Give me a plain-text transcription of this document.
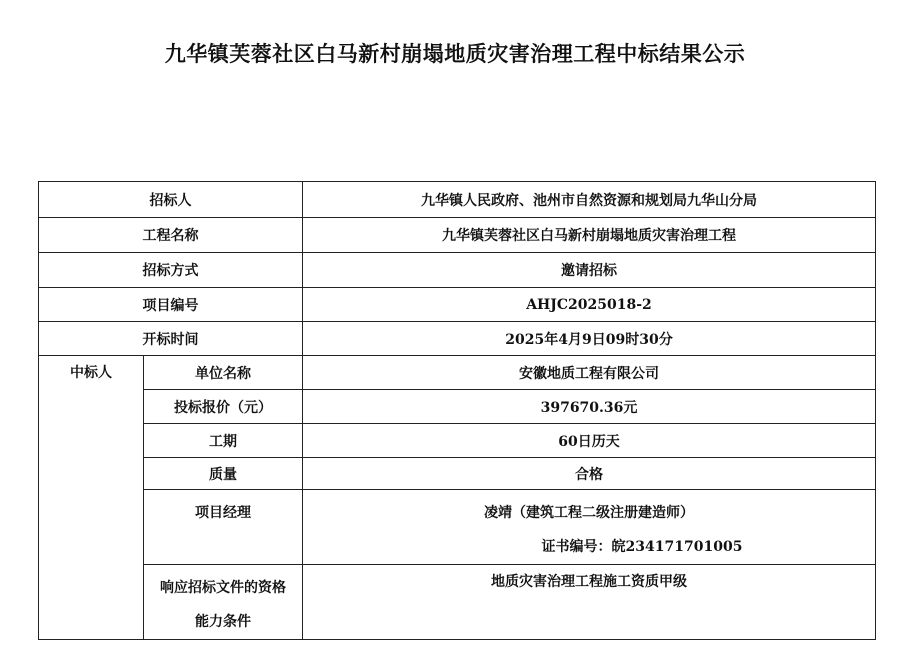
九华镇芙蓉社区白马新村崩塌地质灾害治理工程中标结果公示
招标人		九华镇人民政府、池州市自然资源和规划局九华山分局
工程名称		九华镇芙蓉社区白马新村崩塌地质灾害治理工程
招标方式		邀请招标
项目编号		AHJC2025018-2
开标时间		2025年4月9日09时30分
中标人	单位名称	安徽地质工程有限公司
	投标报价（元）	397670.36元
	工期	60日历天
	质量	合格
	项目经理	凌靖（建筑工程二级注册建造师）
证书编号：皖234171701005

	响应招标文件的资格能力条件	地质灾害治理工程施工资质甲级
